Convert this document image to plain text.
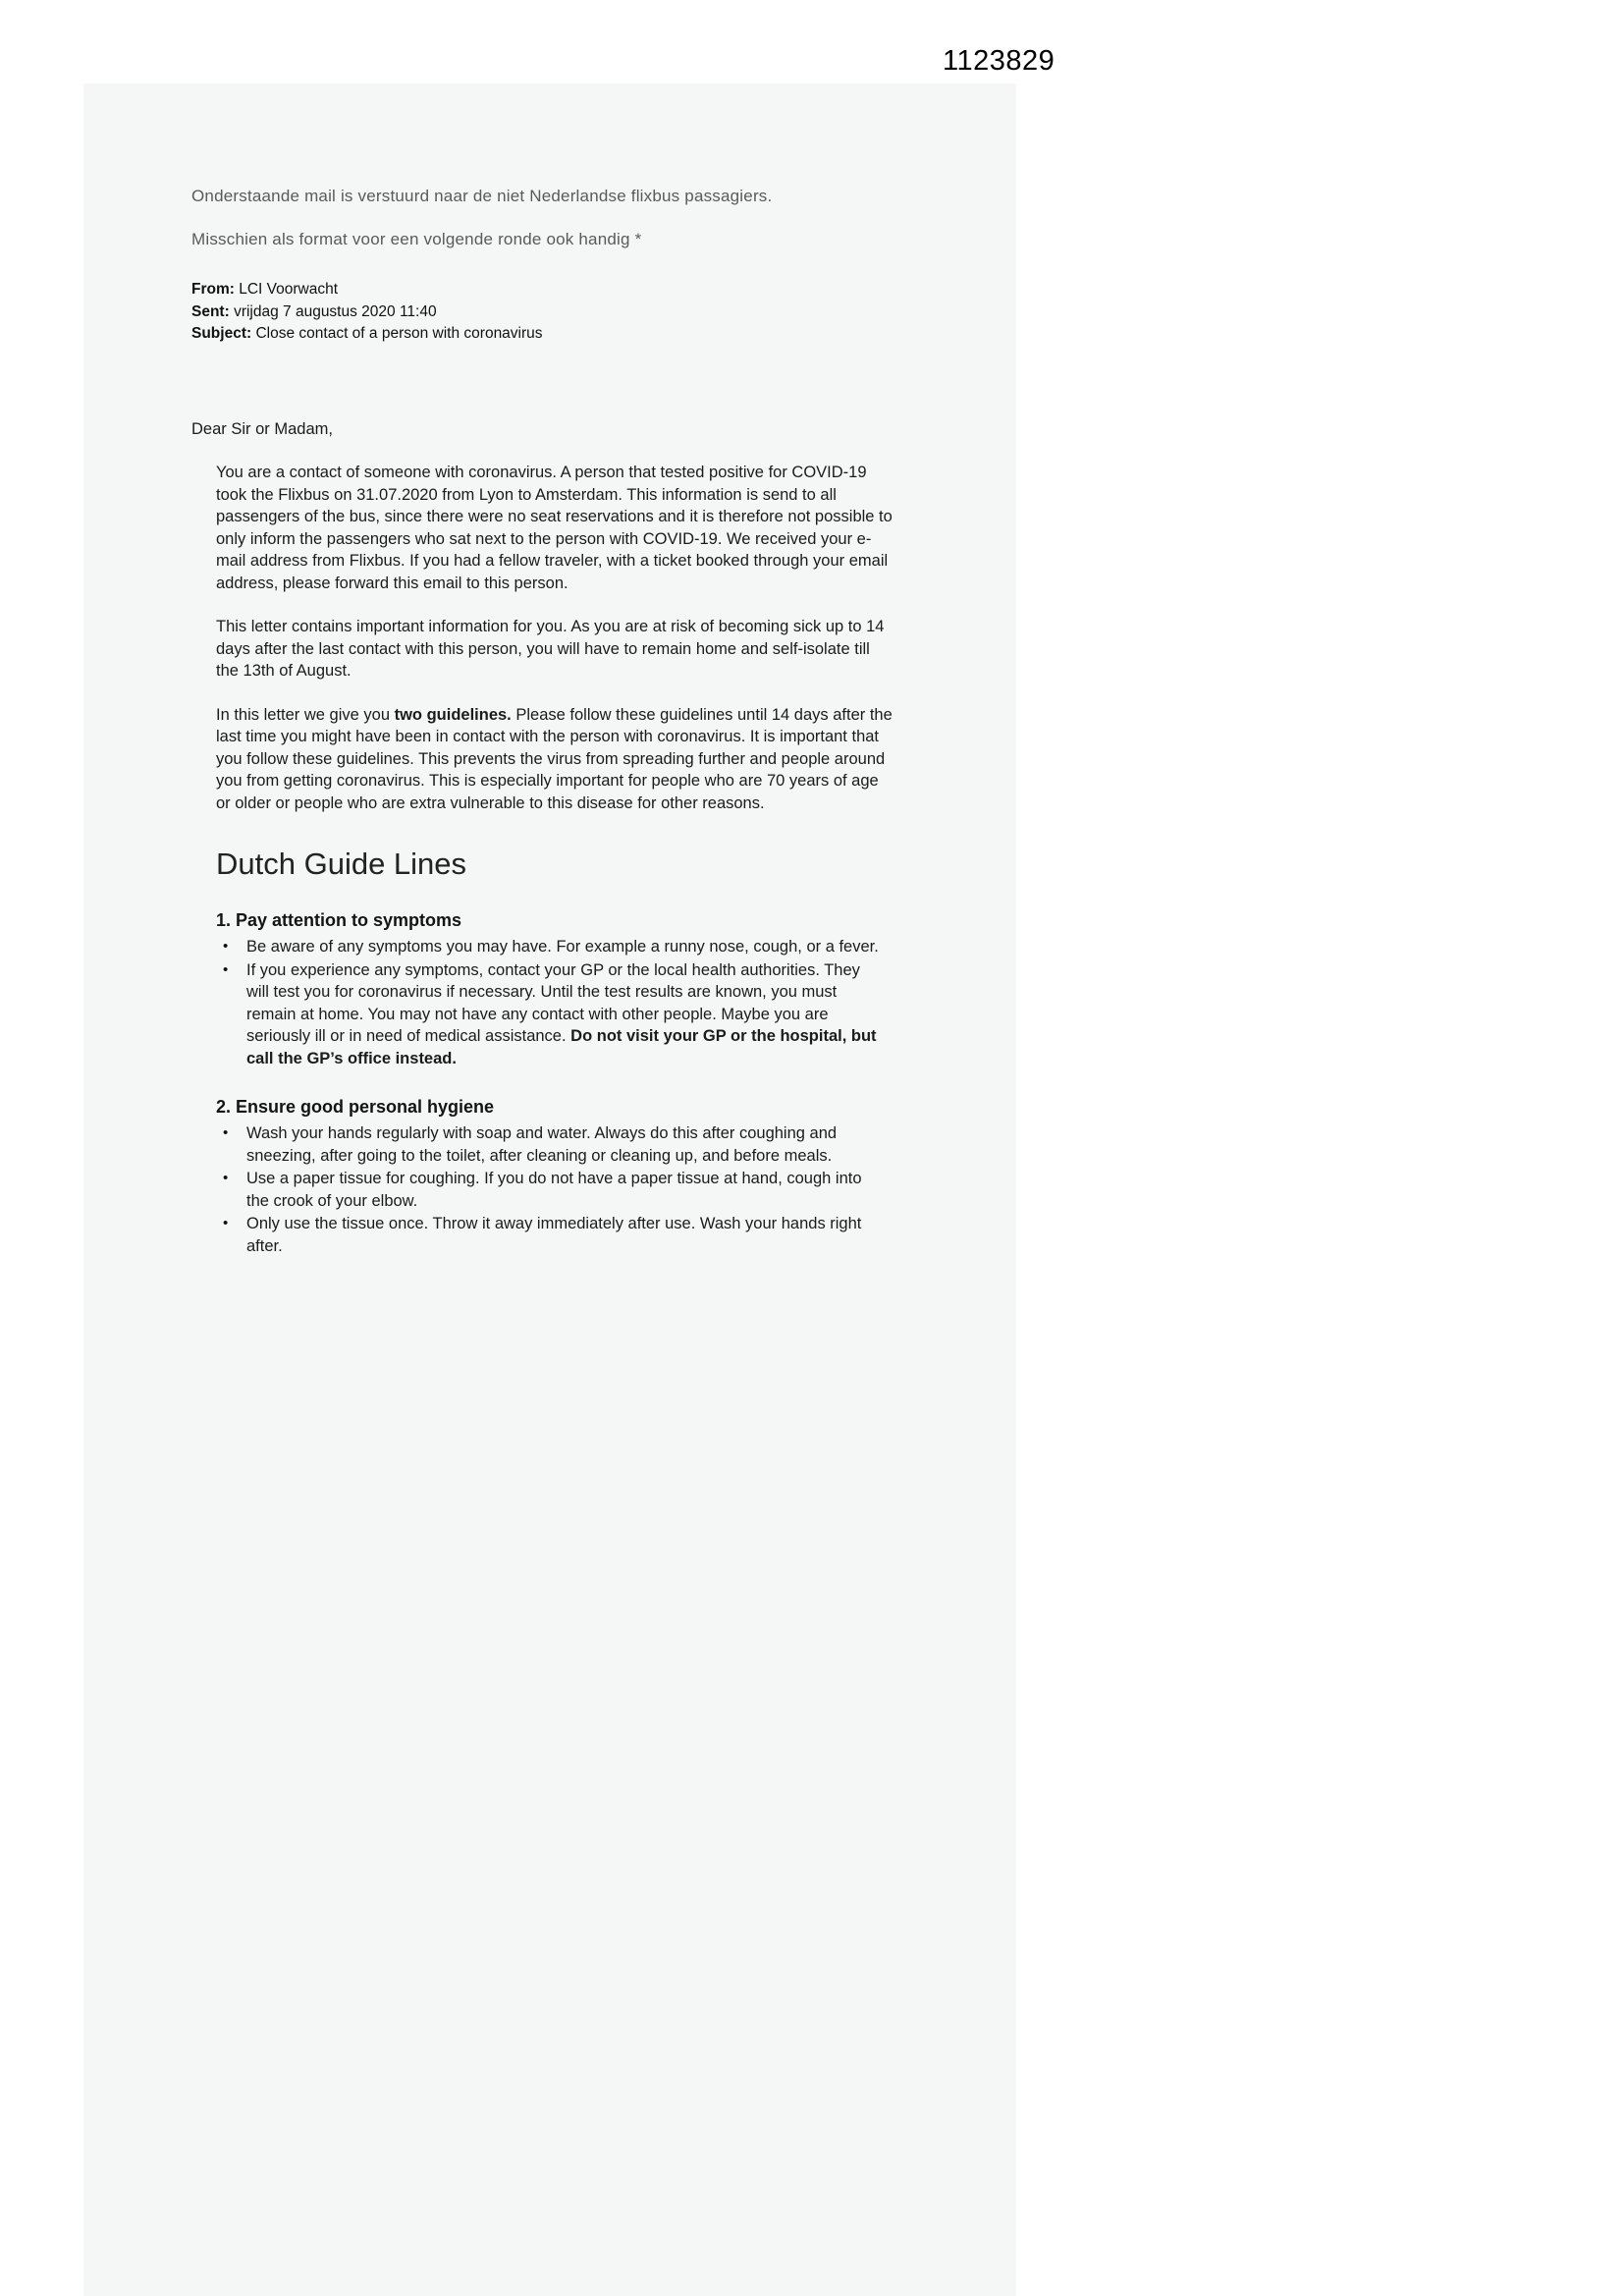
1123829

Onderstaande mail is verstuurd naar de niet Nederlandse flixbus passagiers.

Misschien als format voor een volgende ronde ook handig *

From: LCI Voorwacht

Sent: vrijdag 7 augustus 2020 11:40

Subject: Close contact of a person with coronavirus

Dear Sir or Madam,

You are a contact of someone with coronavirus. A person that tested positive for COVID-19 took the Flixbus on 31.07.2020 from Lyon to Amsterdam. This information is send to all passengers of the bus, since there were no seat reservations and it is therefore not possible to only inform the passengers who sat next to the person with COVID-19. We received your e-mail address from Flixbus. If you had a fellow traveler, with a ticket booked through your email address, please forward this email to this person.

This letter contains important information for you. As you are at risk of becoming sick up to 14 days after the last contact with this person, you will have to remain home and self-isolate till the 13th of August.

In this letter we give you two guidelines. Please follow these guidelines until 14 days after the last time you might have been in contact with the person with coronavirus. It is important that you follow these guidelines. This prevents the virus from spreading further and people around you from getting coronavirus. This is especially important for people who are 70 years of age or older or people who are extra vulnerable to this disease for other reasons.

Dutch Guide Lines
1. Pay attention to symptoms
•	Be aware of any symptoms you may have. For example a runny nose, cough, or a fever.
•	If you experience any symptoms, contact your GP or the local health authorities. They will test you for coronavirus if necessary. Until the test results are known, you must remain at home. You may not have any contact with other people. Maybe you are seriously ill or in need of medical assistance. Do not visit your GP or the hospital, but call the GP’s office instead.
2. Ensure good personal hygiene
•	Wash your hands regularly with soap and water. Always do this after coughing and sneezing, after going to the toilet, after cleaning or cleaning up, and before meals.
•	Use a paper tissue for coughing. If you do not have a paper tissue at hand, cough into the crook of your elbow.
•	Only use the tissue once. Throw it away immediately after use. Wash your hands right after.
